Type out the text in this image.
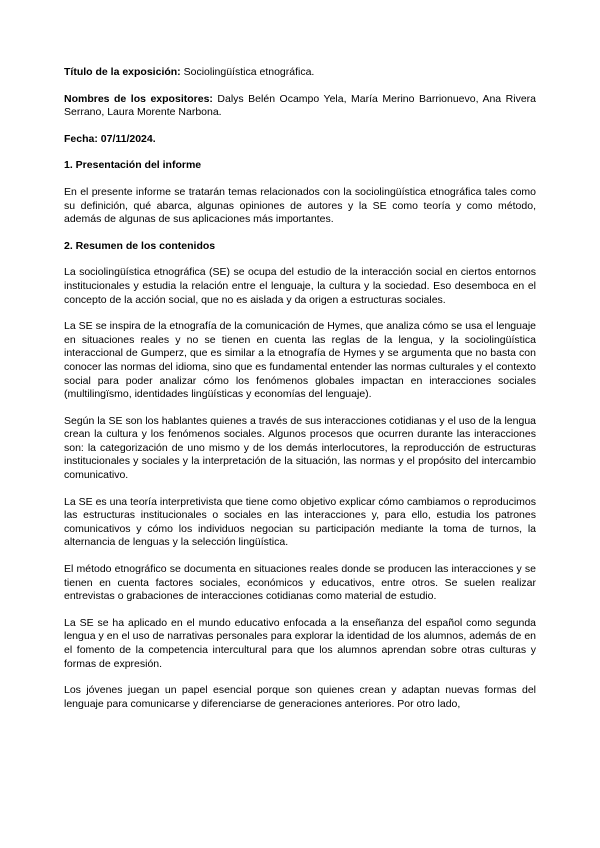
Título de la exposición: Sociolingüística etnográfica.

Nombres de los expositores: Dalys Belén Ocampo Yela, María Merino Barrionuevo, Ana Rivera Serrano, Laura Morente Narbona.

Fecha: 07/11/2024.

1. Presentación del informe

En el presente informe se tratarán temas relacionados con la sociolingüística etnográfica tales como su definición, qué abarca, algunas opiniones de autores y la SE como teoría y como método, además de algunas de sus aplicaciones más importantes.

2. Resumen de los contenidos

La sociolingüística etnográfica (SE) se ocupa del estudio de la interacción social en ciertos entornos institucionales y estudia la relación entre el lenguaje, la cultura y la sociedad. Eso desemboca en el concepto de la acción social, que no es aislada y da origen a estructuras sociales.

La SE se inspira de la etnografía de la comunicación de Hymes, que analiza cómo se usa el lenguaje en situaciones reales y no se tienen en cuenta las reglas de la lengua, y la sociolingüística interaccional de Gumperz, que es similar a la etnografía de Hymes y se argumenta que no basta con conocer las normas del idioma, sino que es fundamental entender las normas culturales y el contexto social para poder analizar cómo los fenómenos globales impactan en interacciones sociales (multilingïsmo, identidades lingüísticas y economías del lenguaje).

Según la SE son los hablantes quienes a través de sus interacciones cotidianas y el uso de la lengua crean la cultura y los fenómenos sociales. Algunos procesos que ocurren durante las interacciones son: la categorización de uno mismo y de los demás interlocutores, la reproducción de estructuras institucionales y sociales y la interpretación de la situación, las normas y el propósito del intercambio comunicativo.

La SE es una teoría interpretivista que tiene como objetivo explicar cómo cambiamos o reproducimos las estructuras institucionales o sociales en las interacciones y, para ello, estudia los patrones comunicativos y cómo los individuos negocian su participación mediante la toma de turnos, la alternancia de lenguas y la selección lingüística.

El método etnográfico se documenta en situaciones reales donde se producen las interacciones y se tienen en cuenta factores sociales, económicos y educativos, entre otros. Se suelen realizar entrevistas o grabaciones de interacciones cotidianas como material de estudio.

La SE se ha aplicado en el mundo educativo enfocada a la enseñanza del español como segunda lengua y en el uso de narrativas personales para explorar la identidad de los alumnos, además de en el fomento de la competencia intercultural para que los alumnos aprendan sobre otras culturas y formas de expresión.

Los jóvenes juegan un papel esencial porque son quienes crean y adaptan nuevas formas del lenguaje para comunicarse y diferenciarse de generaciones anteriores. Por otro lado,
